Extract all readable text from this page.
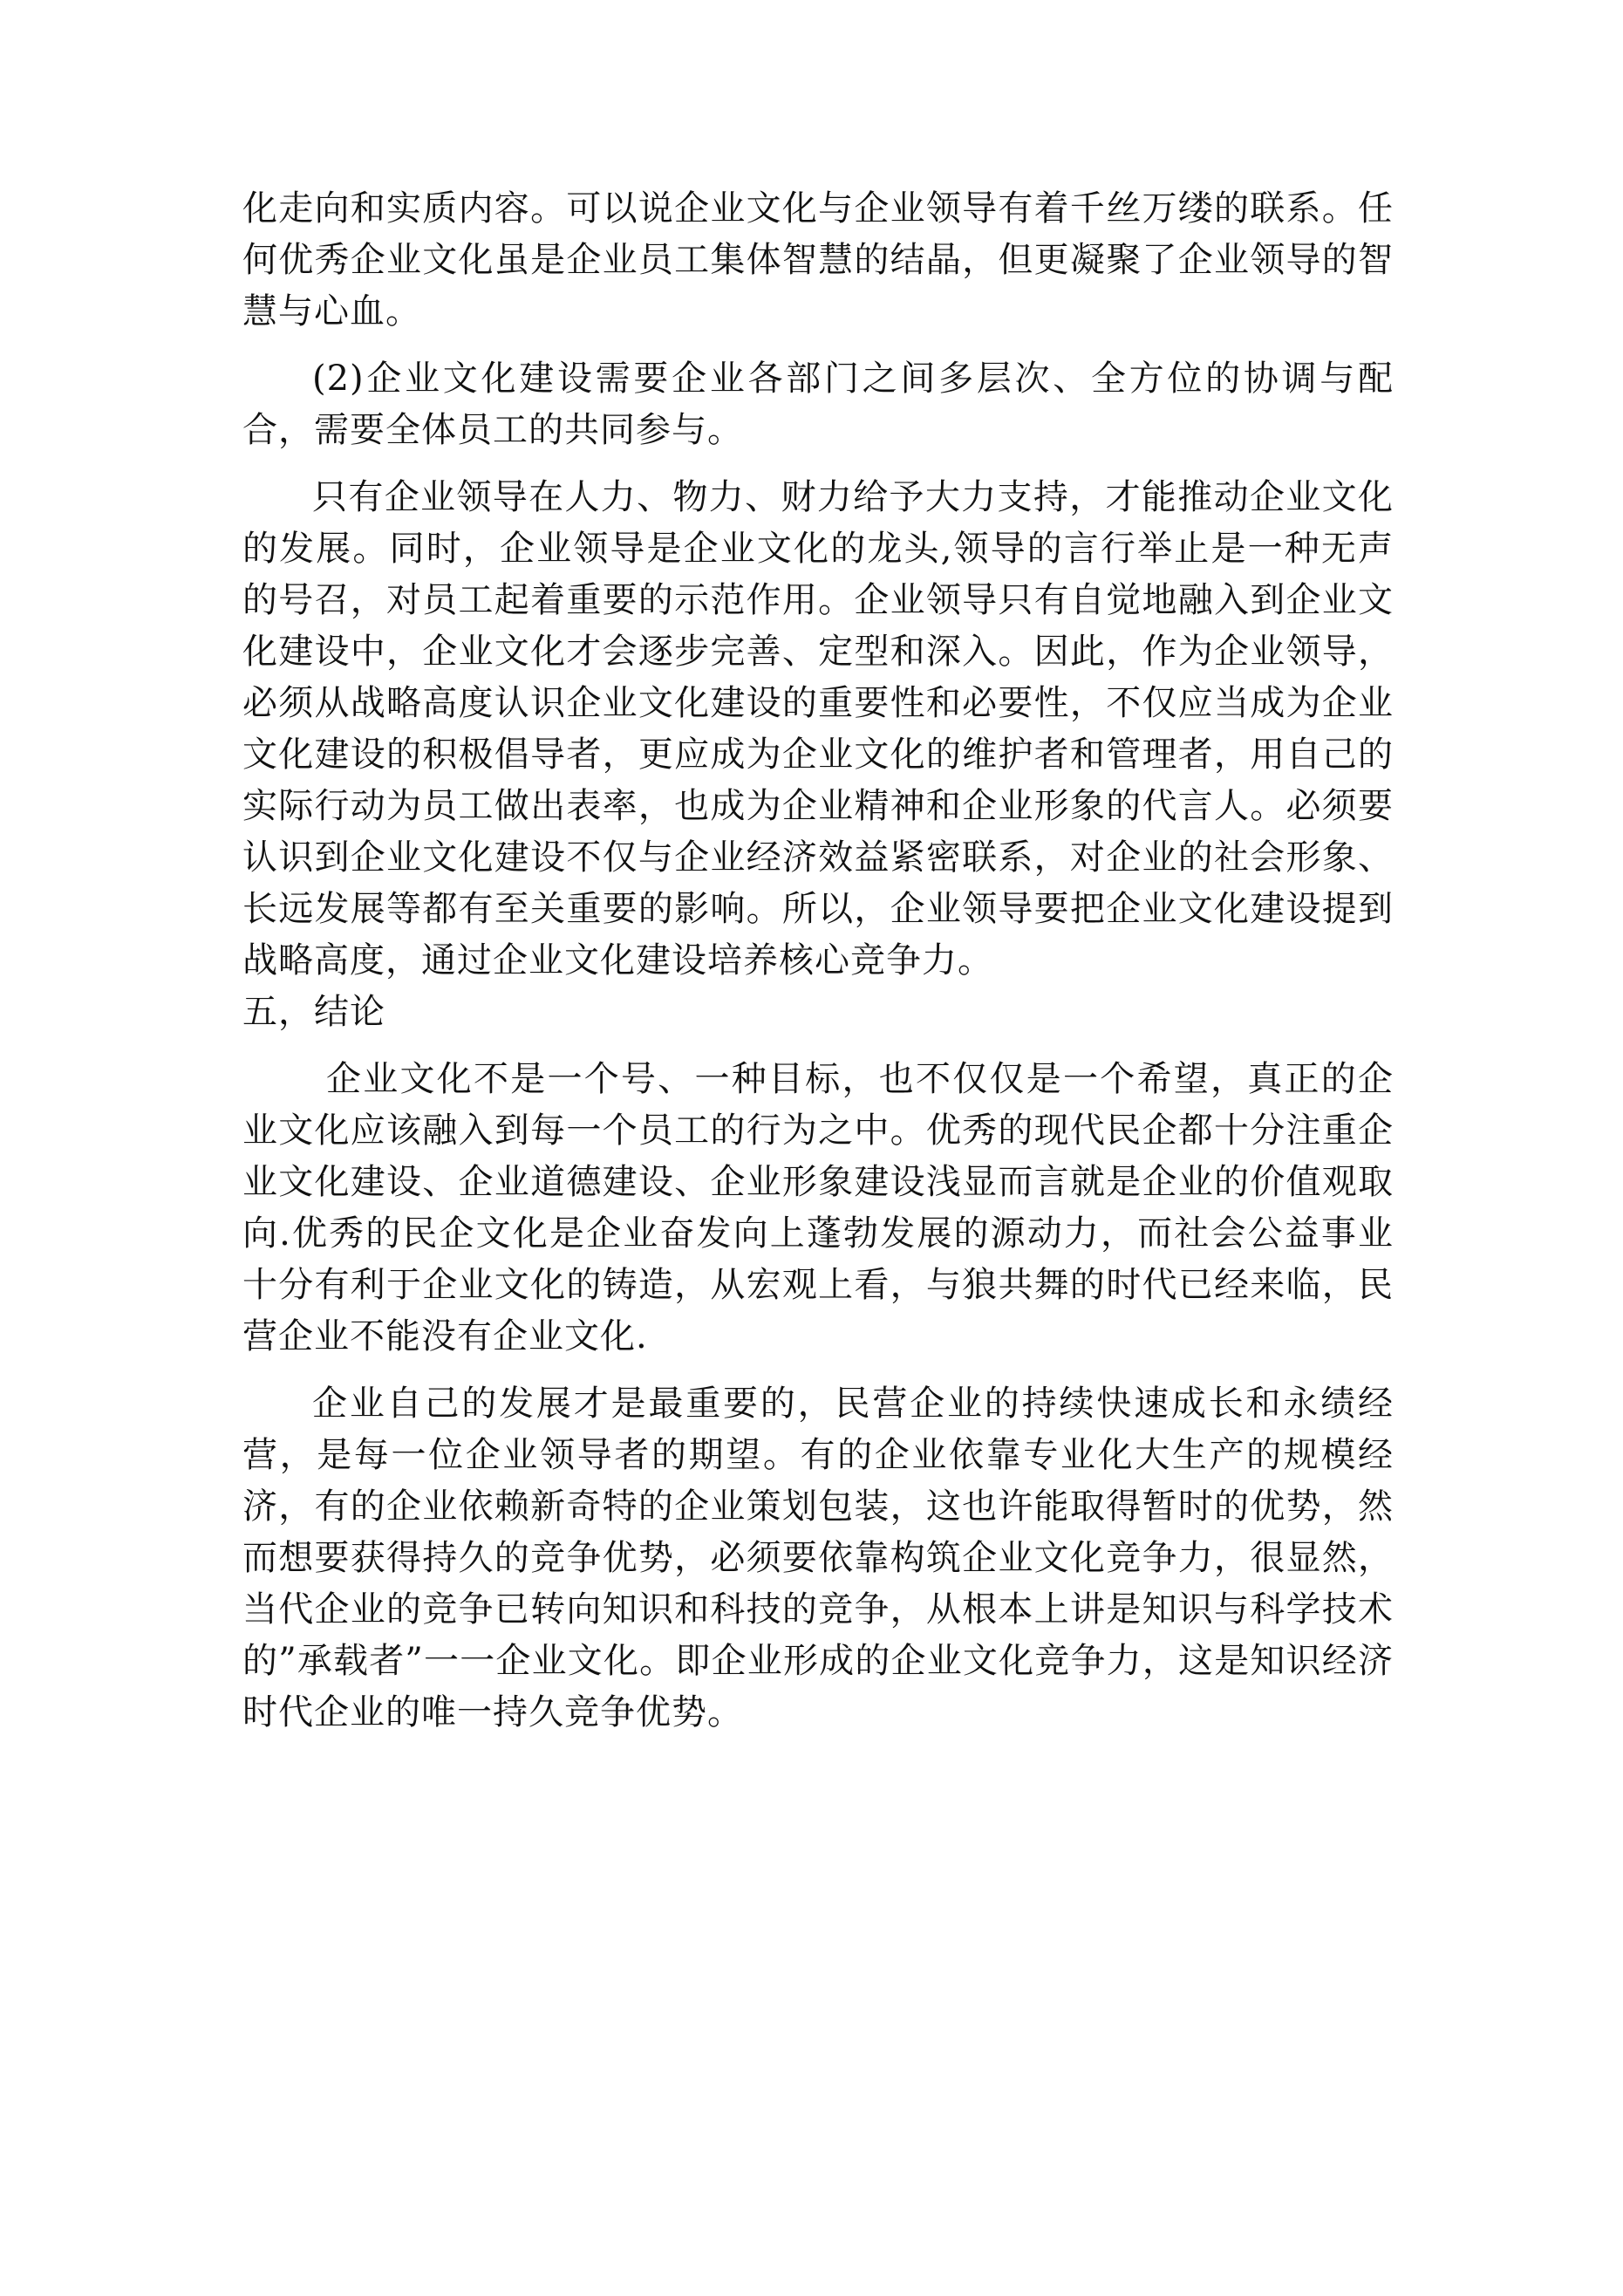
化走向和实质内容。可以说企业文化与企业领导有着千丝万缕的联系。任何优秀企业文化虽是企业员工集体智慧的结晶，但更凝聚了企业领导的智慧与心血。

(2)企业文化建设需要企业各部门之间多层次、全方位的协调与配合，需要全体员工的共同参与。

只有企业领导在人力、物力、财力给予大力支持，才能推动企业文化的发展。同时，企业领导是企业文化的龙头,领导的言行举止是一种无声的号召，对员工起着重要的示范作用。企业领导只有自觉地融入到企业文化建设中，企业文化才会逐步完善、定型和深入。因此，作为企业领导，必须从战略高度认识企业文化建设的重要性和必要性，不仅应当成为企业文化建设的积极倡导者，更应成为企业文化的维护者和管理者，用自己的实际行动为员工做出表率，也成为企业精神和企业形象的代言人。必须要认识到企业文化建设不仅与企业经济效益紧密联系，对企业的社会形象、长远发展等都有至关重要的影响。所以，企业领导要把企业文化建设提到战略高度，通过企业文化建设培养核心竞争力。

五，结论

企业文化不是一个号、一种目标，也不仅仅是一个希望，真正的企业文化应该融入到每一个员工的行为之中。优秀的现代民企都十分注重企业文化建设、企业道德建设、企业形象建设浅显而言就是企业的价值观取向.优秀的民企文化是企业奋发向上蓬勃发展的源动力，而社会公益事业十分有利于企业文化的铸造，从宏观上看，与狼共舞的时代已经来临，民营企业不能没有企业文化.

企业自己的发展才是最重要的，民营企业的持续快速成长和永绩经营，是每一位企业领导者的期望。有的企业依靠专业化大生产的规模经济，有的企业依赖新奇特的企业策划包装，这也许能取得暂时的优势，然而想要获得持久的竞争优势，必须要依靠构筑企业文化竞争力，很显然，当代企业的竞争已转向知识和科技的竞争，从根本上讲是知识与科学技术的”承载者”一一企业文化。即企业形成的企业文化竞争力，这是知识经济时代企业的唯一持久竞争优势。
